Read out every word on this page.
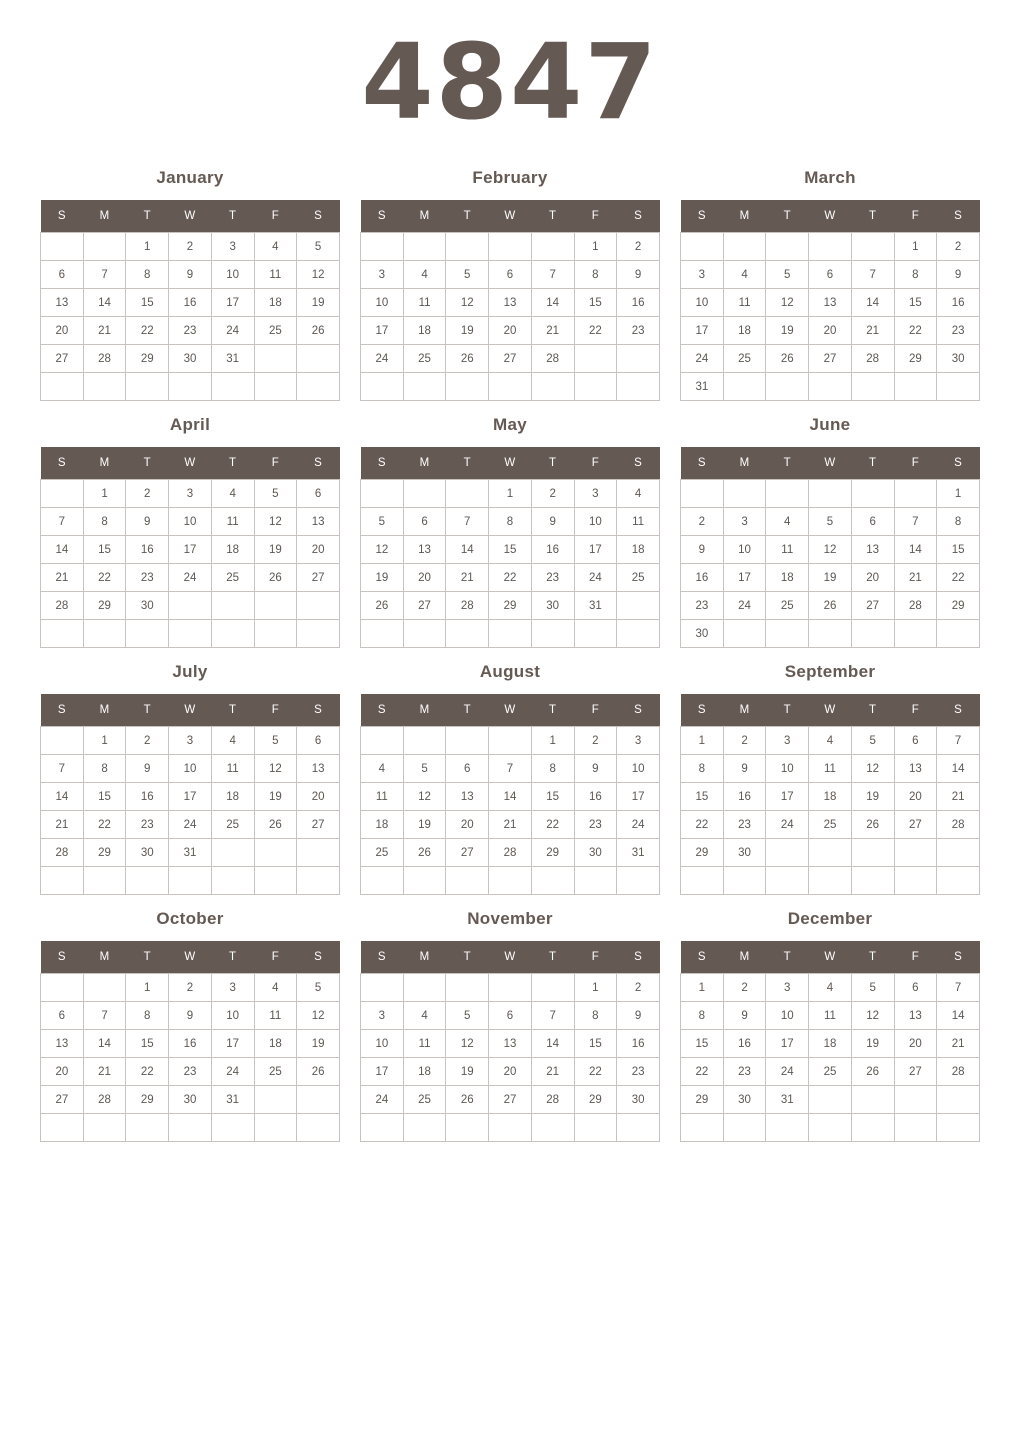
4847
January
S	M	T	W	T	F	S
		1	2	3	4	5
6	7	8	9	10	11	12
13	14	15	16	17	18	19
20	21	22	23	24	25	26
27	28	29	30	31		

February
S	M	T	W	T	F	S
					1	2
3	4	5	6	7	8	9
10	11	12	13	14	15	16
17	18	19	20	21	22	23
24	25	26	27	28		

March
S	M	T	W	T	F	S
					1	2
3	4	5	6	7	8	9
10	11	12	13	14	15	16
17	18	19	20	21	22	23
24	25	26	27	28	29	30
31						
April
S	M	T	W	T	F	S
	1	2	3	4	5	6
7	8	9	10	11	12	13
14	15	16	17	18	19	20
21	22	23	24	25	26	27
28	29	30				

May
S	M	T	W	T	F	S
			1	2	3	4
5	6	7	8	9	10	11
12	13	14	15	16	17	18
19	20	21	22	23	24	25
26	27	28	29	30	31	

June
S	M	T	W	T	F	S
						1
2	3	4	5	6	7	8
9	10	11	12	13	14	15
16	17	18	19	20	21	22
23	24	25	26	27	28	29
30						
July
S	M	T	W	T	F	S
	1	2	3	4	5	6
7	8	9	10	11	12	13
14	15	16	17	18	19	20
21	22	23	24	25	26	27
28	29	30	31			

August
S	M	T	W	T	F	S
				1	2	3
4	5	6	7	8	9	10
11	12	13	14	15	16	17
18	19	20	21	22	23	24
25	26	27	28	29	30	31

September
S	M	T	W	T	F	S
1	2	3	4	5	6	7
8	9	10	11	12	13	14
15	16	17	18	19	20	21
22	23	24	25	26	27	28
29	30					

October
S	M	T	W	T	F	S
		1	2	3	4	5
6	7	8	9	10	11	12
13	14	15	16	17	18	19
20	21	22	23	24	25	26
27	28	29	30	31		

November
S	M	T	W	T	F	S
					1	2
3	4	5	6	7	8	9
10	11	12	13	14	15	16
17	18	19	20	21	22	23
24	25	26	27	28	29	30

December
S	M	T	W	T	F	S
1	2	3	4	5	6	7
8	9	10	11	12	13	14
15	16	17	18	19	20	21
22	23	24	25	26	27	28
29	30	31				
